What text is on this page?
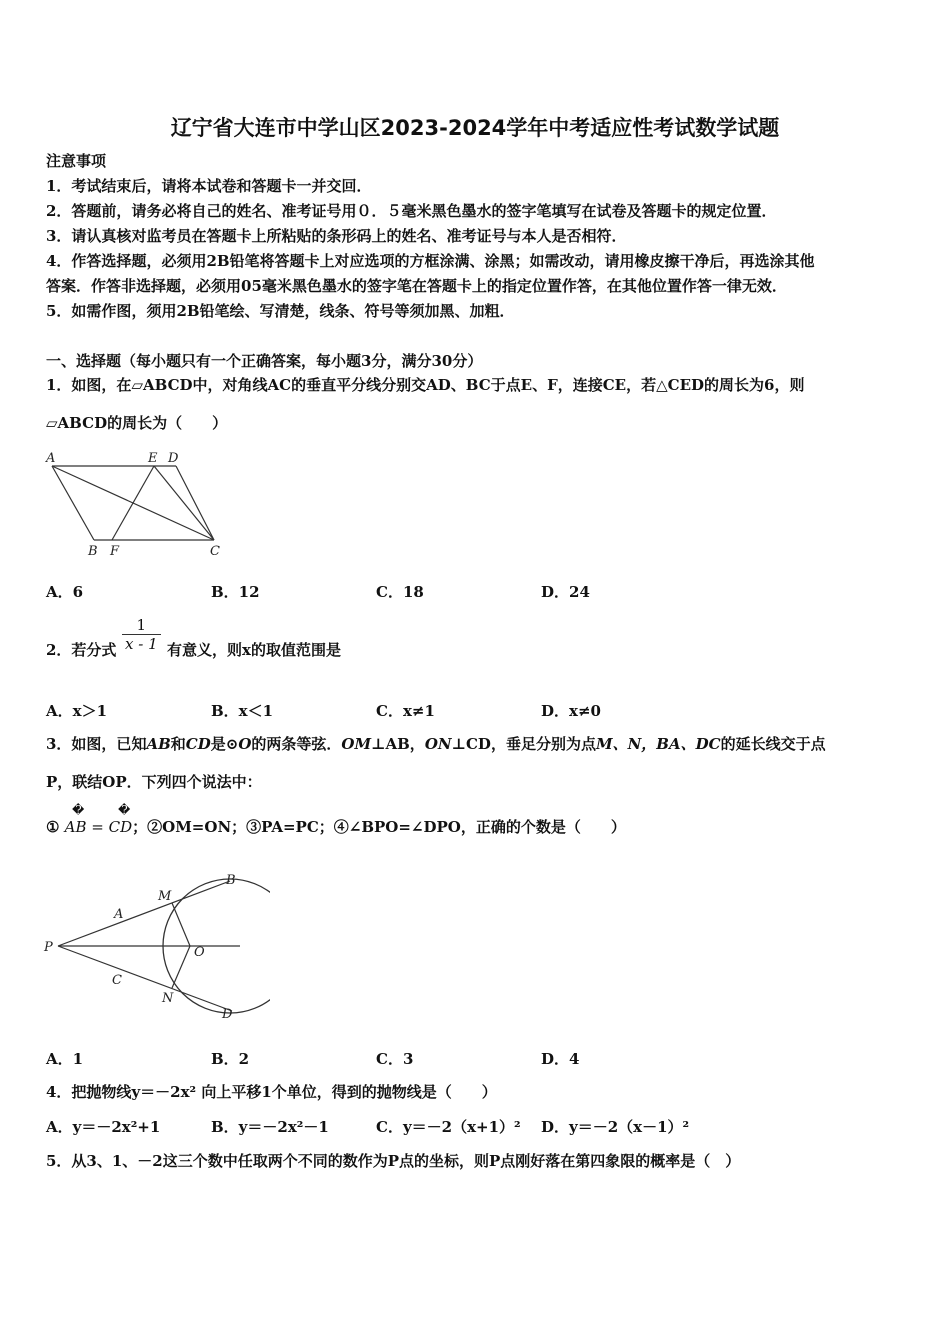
辽宁省大连市中学山区2023-2024学年中考适应性考试数学试题
注意事项
1．考试结束后，请将本试卷和答题卡一并交回．
2．答题前，请务必将自己的姓名、准考证号用０．５毫米黑色墨水的签字笔填写在试卷及答题卡的规定位置．
3．请认真核对监考员在答题卡上所粘贴的条形码上的姓名、准考证号与本人是否相符．
4．作答选择题，必须用2B铅笔将答题卡上对应选项的方框涂满、涂黑；如需改动，请用橡皮擦干净后，再选涂其他
答案．作答非选择题，必须用05毫米黑色墨水的签字笔在答题卡上的指定位置作答，在其他位置作答一律无效．
5．如需作图，须用2B铅笔绘、写清楚，线条、符号等须加黑、加粗．
一、选择题（每小题只有一个正确答案，每小题3分，满分30分）
1．如图，在▱ABCD中，对角线AC的垂直平分线分别交AD、BC于点E、F，连接CE，若△CED的周长为6，则
▱ABCD的周长为（　　）
A	E D
B F	C
A．6	B．12	C．18	D．24
2．若分式 $\frac{1}{x - 1}$ 有意义，则x的取值范围是
A．x＞1	B．x＜1	C．x≠1	D．x≠0
3．如图，已知AB和CD是⊙O的两条等弦．OM⊥AB，ON⊥CD，垂足分别为点M、N，BA、DC的延长线交于点
P，联结OP．下列四个说法中：
�	�
① AB = CD；②OM=ON；③PA=PC；④∠BPO=∠DPO，正确的个数是（　　）
P
A
M
B
O
C
N
D
A．1	B．2	C．3	D．4
4．把抛物线y＝－2x² 向上平移1个单位，得到的抛物线是（　　）
A．y＝－2x²+1	B．y＝－2x²－1	C．y＝－2（x+1）² D．y＝－2（x－1）²
5．从3、1、－2这三个数中任取两个不同的数作为P点的坐标，则P点刚好落在第四象限的概率是（　）
